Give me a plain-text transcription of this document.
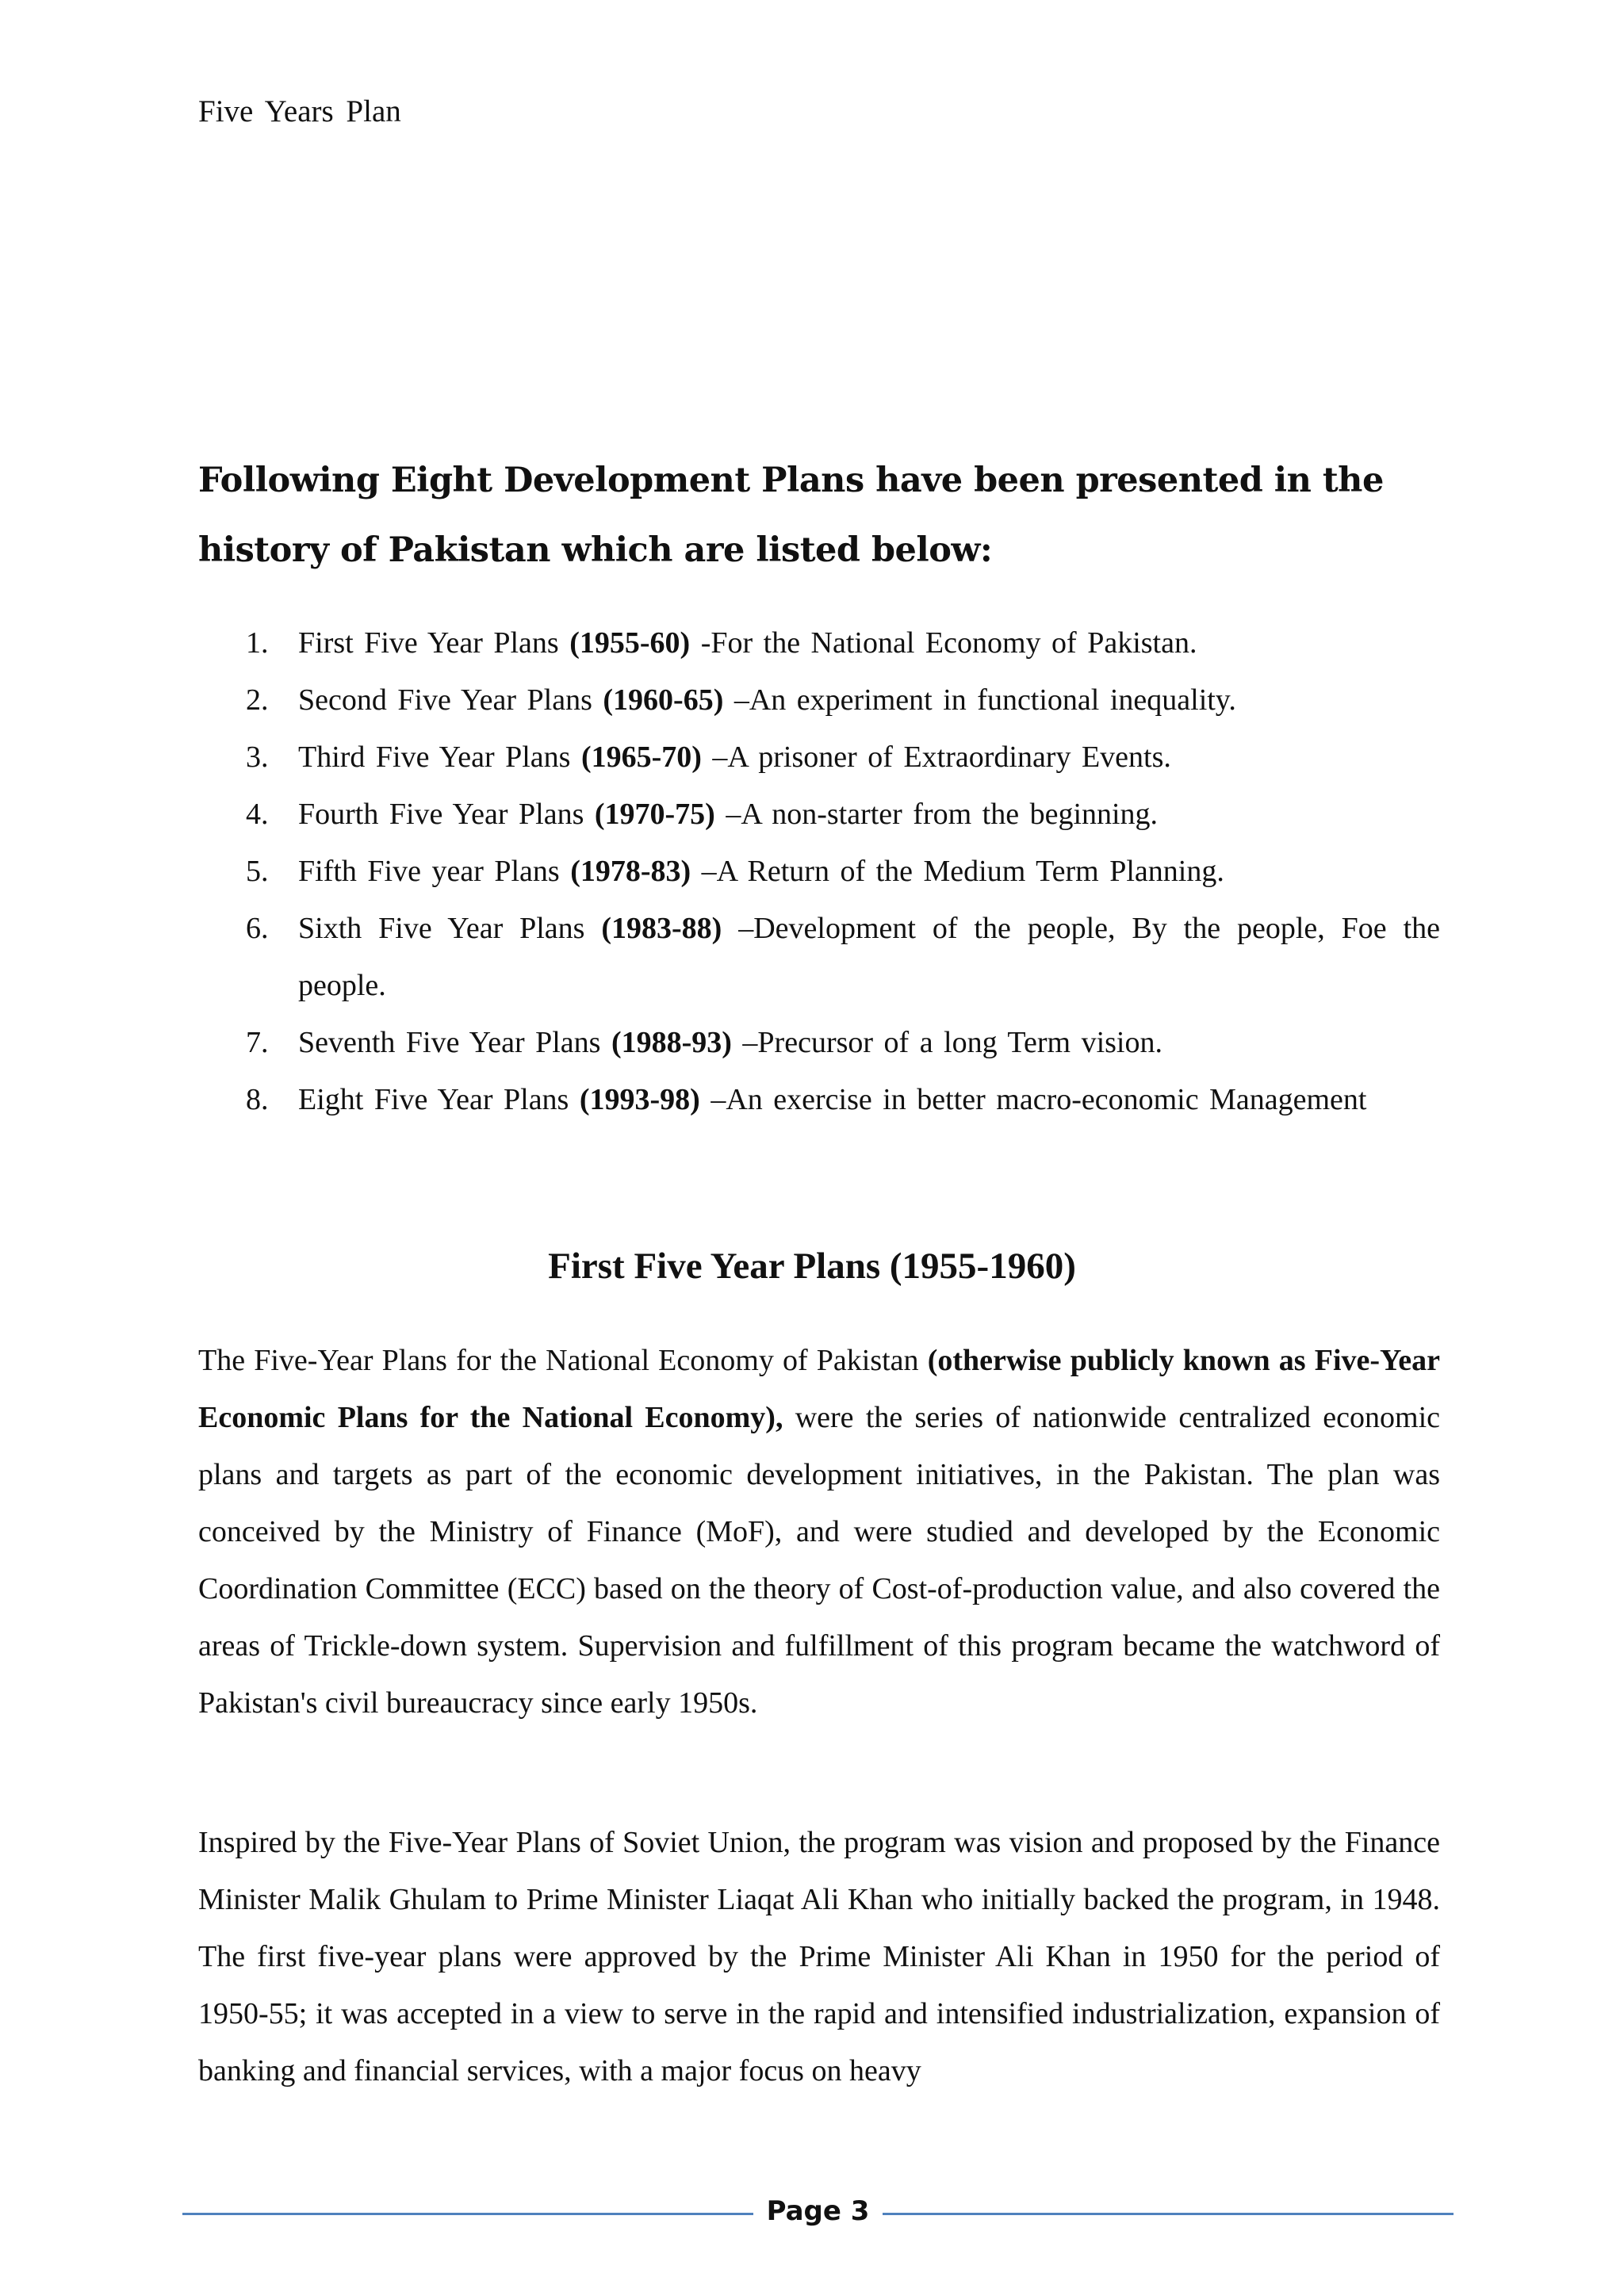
Five Years Plan
Following Eight Development Plans have been presented in the history of Pakistan which are listed below:
1. First Five Year Plans (1955-60) -For the National Economy of Pakistan.
2. Second Five Year Plans (1960-65) –An experiment in functional inequality.
3. Third Five Year Plans (1965-70) –A prisoner of Extraordinary Events.
4. Fourth Five Year Plans (1970-75) –A non-starter from the beginning.
5. Fifth Five year Plans (1978-83) –A Return of the Medium Term Planning.
6. Sixth Five Year Plans (1983-88) –Development of the people, By the people, Foe the people.
7. Seventh Five Year Plans (1988-93) –Precursor of a long Term vision.
8. Eight Five Year Plans (1993-98) –An exercise in better macro-economic Management
First Five Year Plans (1955-1960)

The Five-Year Plans for the National Economy of Pakistan (otherwise publicly known as Five-Year Economic Plans for the National Economy), were the series of nationwide centralized economic plans and targets as part of the economic development initiatives, in the Pakistan. The plan was conceived by the Ministry of Finance (MoF), and were studied and developed by the Economic Coordination Committee (ECC) based on the theory of Cost-of-production value, and also covered the areas of Trickle-down system. Supervision and fulfillment of this program became the watchword of Pakistan's civil bureaucracy since early 1950s.

Inspired by the Five-Year Plans of Soviet Union, the program was vision and proposed by the Finance Minister Malik Ghulam to Prime Minister Liaqat Ali Khan who initially backed the program, in 1948. The first five-year plans were approved by the Prime Minister Ali Khan in 1950 for the period of 1950-55; it was accepted in a view to serve in the rapid and intensified industrialization, expansion of banking and financial services, with a major focus on heavy

Page 3
